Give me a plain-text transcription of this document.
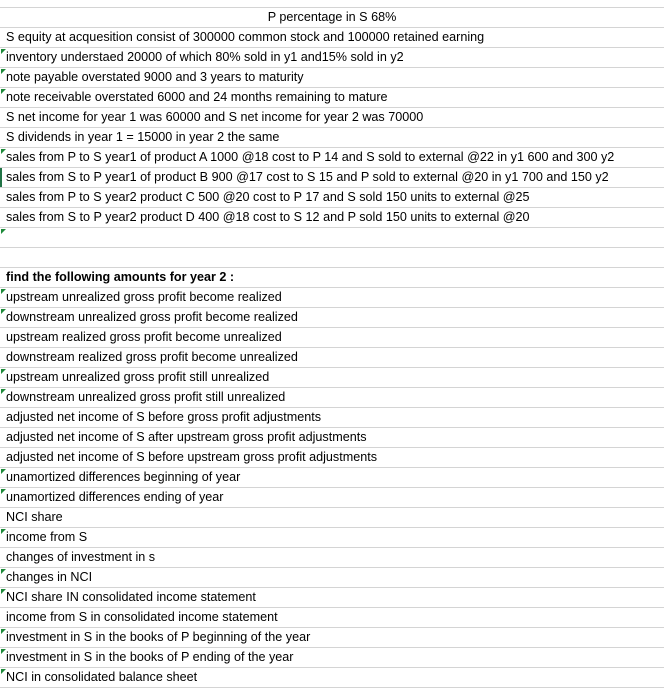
P percentage in S 68%
S equity at acquesition consist of 300000 common stock and 100000 retained earning
inventory understaed 20000 of which 80% sold in y1 and15% sold in y2
note payable overstated 9000 and 3 years to maturity
note receivable overstated 6000 and 24 months remaining to mature
S net income for year 1 was 60000 and S net income for year 2 was 70000
S dividends in year 1 = 15000 in year 2 the same
sales from P to S year1 of product A 1000 @18 cost to P 14 and S sold to external @22 in y1 600 and 300 y2
sales from S to P year1 of product B 900 @17 cost to S 15 and P sold to external @20 in y1 700 and 150 y2
sales from P to S year2 product C 500 @20 cost to P 17 and S sold 150 units to external @25
sales from S to P year2 product D 400 @18 cost to S 12 and P sold 150 units to external @20
find the following amounts for year 2 :
upstream unrealized gross profit become realized
downstream unrealized gross profit become realized
upstream realized gross profit become unrealized
downstream realized gross profit become unrealized
upstream unrealized gross profit still unrealized
downstream unrealized gross profit still unrealized
adjusted net income of S before gross profit adjustments
adjusted net income of S after upstream gross profit adjustments
adjusted net income of S before upstream gross profit adjustments
unamortized differences beginning of year
unamortized differences ending of year
NCI share
income from S
changes of investment in s
changes in NCI
NCI share IN consolidated income statement
income from S in consolidated income statement
investment in S in the books of P beginning of the year
investment in S in the books of P ending of the year
NCI in consolidated balance sheet
